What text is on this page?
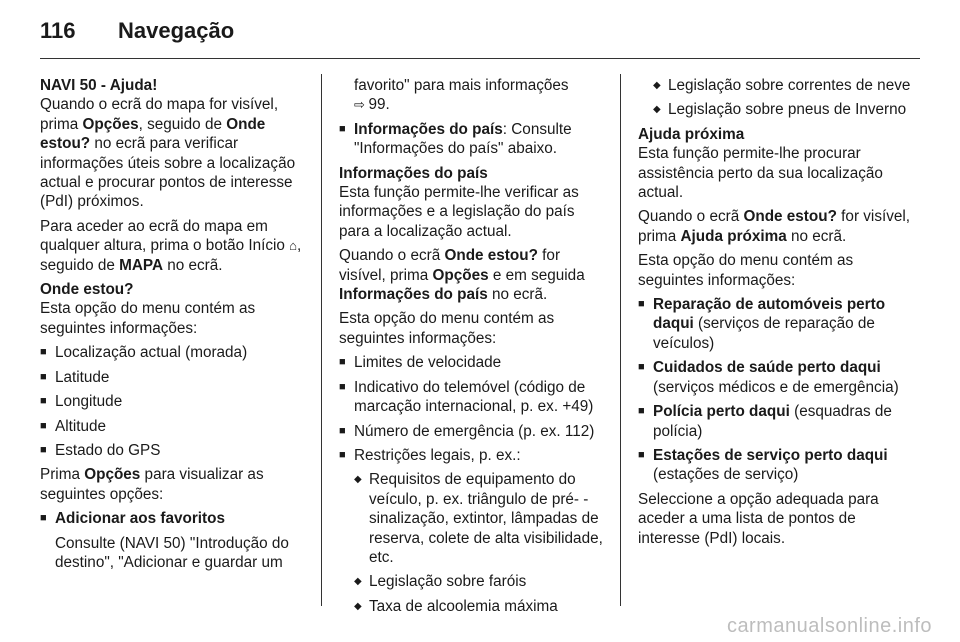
116	Navegação
NAVI 50 - Ajuda!

Quando o ecrã do mapa for visível, prima Opções, seguido de Onde estou? no ecrã para verificar informações úteis sobre a localização actual e procurar pontos de interesse (PdI) próximos.

Para aceder ao ecrã do mapa em qualquer altura, prima o botão Início ⌂, seguido de MAPA no ecrã.

Onde estou?

Esta opção do menu contém as seguintes informações:

■ Localização actual (morada)
■ Latitude
■ Longitude
■ Altitude
■ Estado do GPS

Prima Opções para visualizar as seguintes opções:

■ Adicionar aos favoritos
Consulte (NAVI 50) "Introdução do destino", "Adicionar e guardar um
favorito" para mais informações
⇨ 99.
■ Informações do país: Consulte "Informações do país" abaixo.
Informações do país

Esta função permite-lhe verificar as informações e a legislação do país para a localização actual.

Quando o ecrã Onde estou? for visível, prima Opções e em seguida Informações do país no ecrã.

Esta opção do menu contém as seguintes informações:

■ Limites de velocidade
■ Indicativo do telemóvel (código de marcação internacional, p. ex. +49)
■ Número de emergência (p. ex. 112)
■ Restrições legais, p. ex.:
◆ Requisitos de equipamento do veículo, p. ex. triângulo de pré- -sinalização, extintor, lâmpadas de reserva, colete de alta visibilidade, etc.
◆ Legislação sobre faróis
◆ Taxa de alcoolemia máxima
◆ Legislação sobre correntes de neve
◆ Legislação sobre pneus de Inverno
Ajuda próxima

Esta função permite-lhe procurar assistência perto da sua localização actual.

Quando o ecrã Onde estou? for visível, prima Ajuda próxima no ecrã.

Esta opção do menu contém as seguintes informações:

■ Reparação de automóveis perto daqui (serviços de reparação de veículos)
■ Cuidados de saúde perto daqui (serviços médicos e de emergência)
■ Polícia perto daqui (esquadras de polícia)
■ Estações de serviço perto daqui (estações de serviço)

Seleccione a opção adequada para aceder a uma lista de pontos de interesse (PdI) locais.

carmanualsonline.info
